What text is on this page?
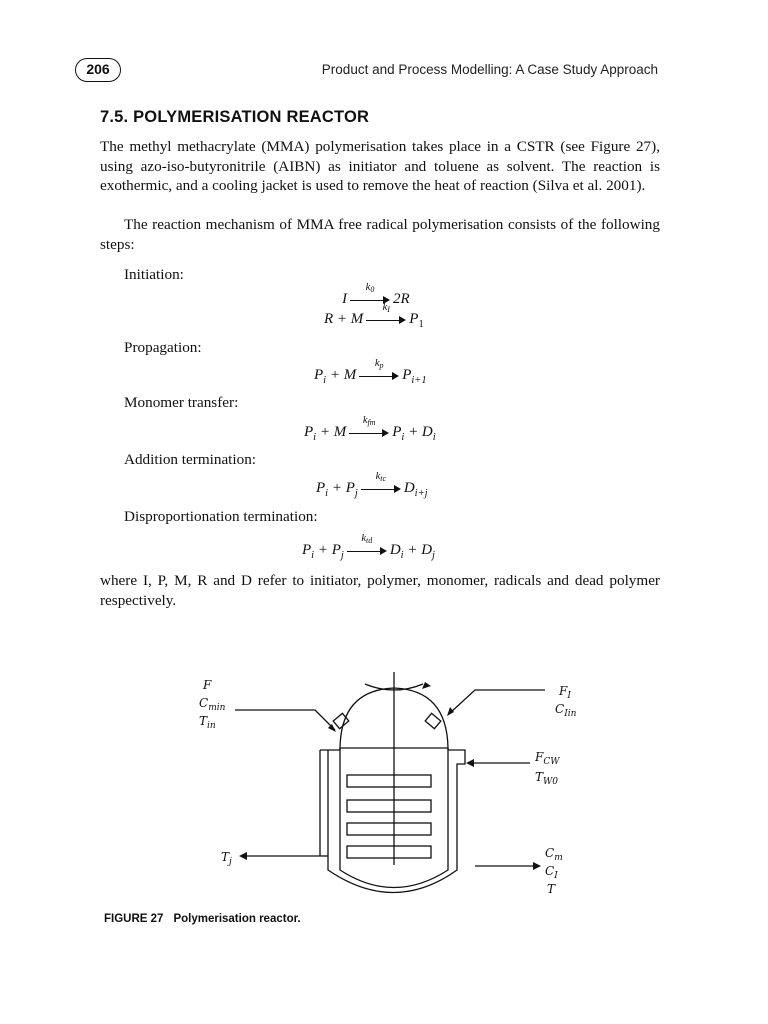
206	Product and Process Modelling: A Case Study Approach
7.5. POLYMERISATION REACTOR
The methyl methacrylate (MMA) polymerisation takes place in a CSTR (see Figure 27), using azo-iso-butyronitrile (AIBN) as initiator and toluene as solvent. The reaction is exothermic, and a cooling jacket is used to remove the heat of reaction (Silva et al. 2001).
The reaction mechanism of MMA free radical polymerisation consists of the following steps:
Initiation:
I
k0
2R
R + M
kI
$P_1$
Propagation:
$P_i + M$
kp
$P_{i+1}$
Monomer transfer:
$P_i + M$
kfm
$P_i + D_i$
Addition termination:
$P_i + P_j$
ktc
$D_{i+j}$
Disproportionation termination:
$P_i + P_j$
ktd
$D_i + D_j$
where I, P, M, R and D refer to initiator, polymer, monomer, radicals and dead polymer respectively.
F
$C_{min}$
$T_{in}$
$F_I$
$C_{Iin}$
$F_{CW}$
$T_{W0}$
$T_j$
$C_m$
$C_I$
T
FIGURE 27 Polymerisation reactor.
